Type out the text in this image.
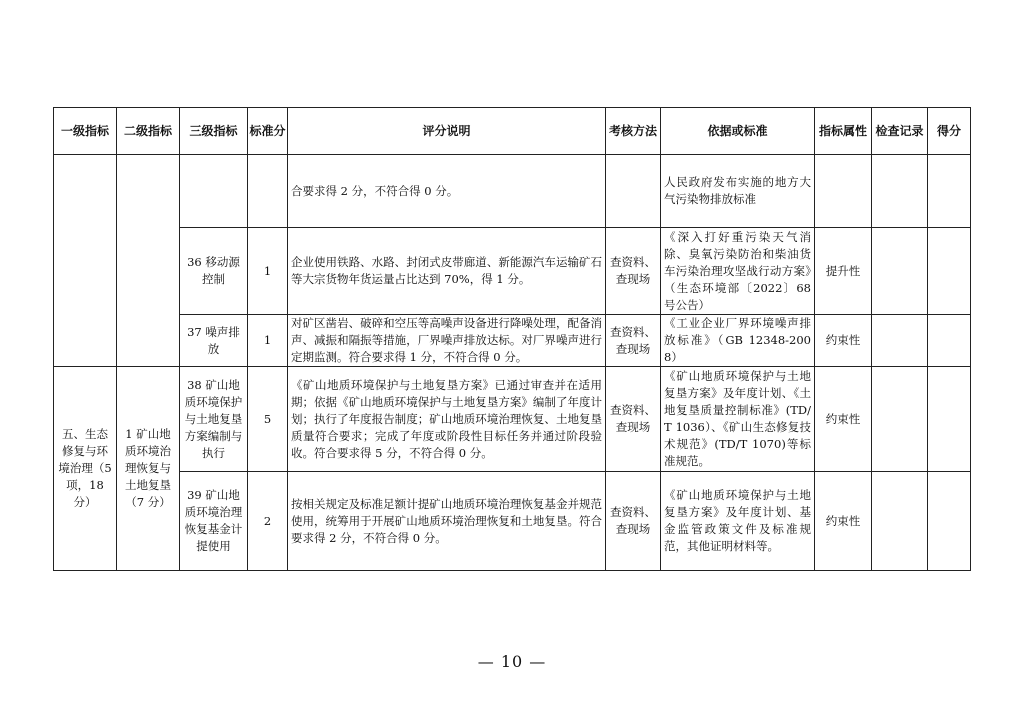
一级指标	二级指标	三级指标	标准分	评分说明	考核方法	依据或标准	指标属性	检查记录	得分
				合要求得 2 分，不符合得 0 分。		人民政府发布实施的地方大气污染物排放标准			
		36 移动源控制	1	企业使用铁路、水路、封闭式皮带廊道、新能源汽车运输矿石等大宗货物年货运量占比达到 70%，得 1 分。	查资料、查现场	《深入打好重污染天气消除、臭氧污染防治和柴油货车污染治理攻坚战行动方案》（生态环境部〔2022〕68 号公告）	提升性		
		37 噪声排放	1	对矿区凿岩、破碎和空压等高噪声设备进行降噪处理，配备消声、减振和隔振等措施，厂界噪声排放达标。对厂界噪声进行定期监测。符合要求得 1 分，不符合得 0 分。	查资料、查现场	《工业企业厂界环境噪声排放标准》（GB 12348-2008）	约束性		
五、生态修复与环境治理（5 项，18 分）	1 矿山地质环境治理恢复与土地复垦（7 分）	38 矿山地质环境保护与土地复垦方案编制与执行	5	《矿山地质环境保护与土地复垦方案》已通过审查并在适用期；依据《矿山地质环境保护与土地复垦方案》编制了年度计划；执行了年度报告制度；矿山地质环境治理恢复、土地复垦质量符合要求；完成了年度或阶段性目标任务并通过阶段验收。符合要求得 5 分，不符合得 0 分。	查资料、查现场	《矿山地质环境保护与土地复垦方案》及年度计划、《土地复垦质量控制标准》(TD/T 1036）、《矿山生态修复技术规范》(TD/T 1070)等标准规范。	约束性		
		39 矿山地质环境治理恢复基金计提使用	2	按相关规定及标准足额计提矿山地质环境治理恢复基金并规范使用，统筹用于开展矿山地质环境治理恢复和土地复垦。符合要求得 2 分，不符合得 0 分。	查资料、查现场	《矿山地质环境保护与土地复垦方案》及年度计划、基金监管政策文件及标准规范，其他证明材料等。	约束性		
— 10 —
